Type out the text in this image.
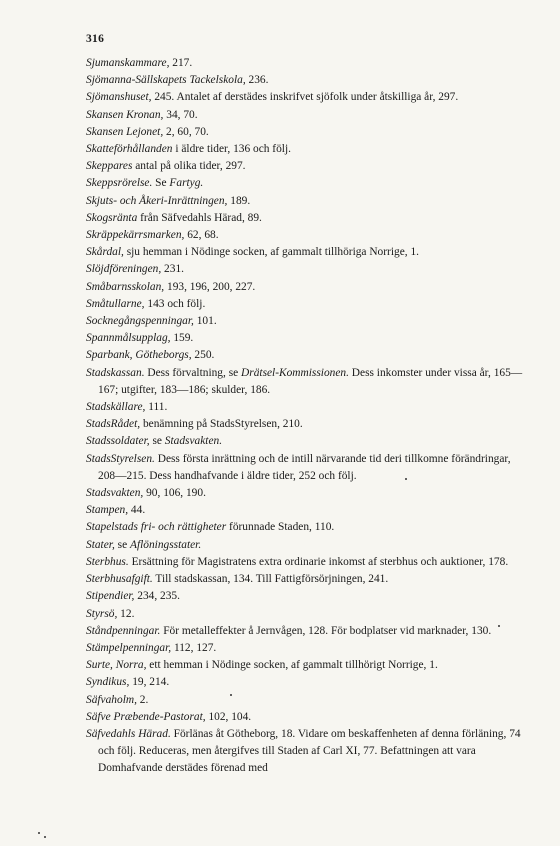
316

Sjumanskammare, 217.

Sjömanna-Sällskapets Tackelskola, 236.

Sjömanshuset, 245. Antalet af derstädes inskrifvet sjöfolk under åtskilliga år, 297.

Skansen Kronan, 34, 70.

Skansen Lejonet, 2, 60, 70.

Skatteförhållanden i äldre tider, 136 och följ.

Skeppares antal på olika tider, 297.

Skeppsrörelse. Se Fartyg.

Skjuts- och Åkeri-Inrättningen, 189.

Skogsränta från Säfvedahls Härad, 89.

Skräppekärrsmarken, 62, 68.

Skårdal, sju hemman i Nödinge socken, af gammalt tillhöriga Norrige, 1.

Slöjdföreningen, 231.

Småbarnsskolan, 193, 196, 200, 227.

Småtullarne, 143 och följ.

Socknegångspenningar, 101.

Spannmålsupplag, 159.

Sparbank, Götheborgs, 250.

Stadskassan. Dess förvaltning, se Drätsel-Kommissionen. Dess inkomster under vissa år, 165—167; utgifter, 183—186; skulder, 186.

Stadskällare, 111.

StadsRådet, benämning på StadsStyrelsen, 210.

Stadssoldater, se Stadsvakten.

StadsStyrelsen. Dess första inrättning och de intill närvarande tid deri tillkomne förändringar, 208—215. Dess handhafvande i äldre tider, 252 och följ.

Stadsvakten, 90, 106, 190.

Stampen, 44.

Stapelstads fri- och rättigheter förunnade Staden, 110.

Stater, se Aflöningsstater.

Sterbhus. Ersättning för Magistratens extra ordinarie inkomst af sterbhus och auktioner, 178.

Sterbhusafgift. Till stadskassan, 134. Till Fattigförsörjningen, 241.

Stipendier, 234, 235.

Styrsö, 12.

Ståndpenningar. För metalleffekter å Jernvågen, 128. För bodplatser vid marknader, 130.

Stämpelpenningar, 112, 127.

Surte, Norra, ett hemman i Nödinge socken, af gammalt tillhörigt Norrige, 1.

Syndikus, 19, 214.

Säfvaholm, 2.

Säfve Præbende-Pastorat, 102, 104.

Säfvedahls Härad. Förlänas åt Götheborg, 18. Vidare om beskaffenheten af denna förläning, 74 och följ. Reduceras, men återgifves till Staden af Carl XI, 77. Befattningen att vara Domhafvande derstädes förenad med
